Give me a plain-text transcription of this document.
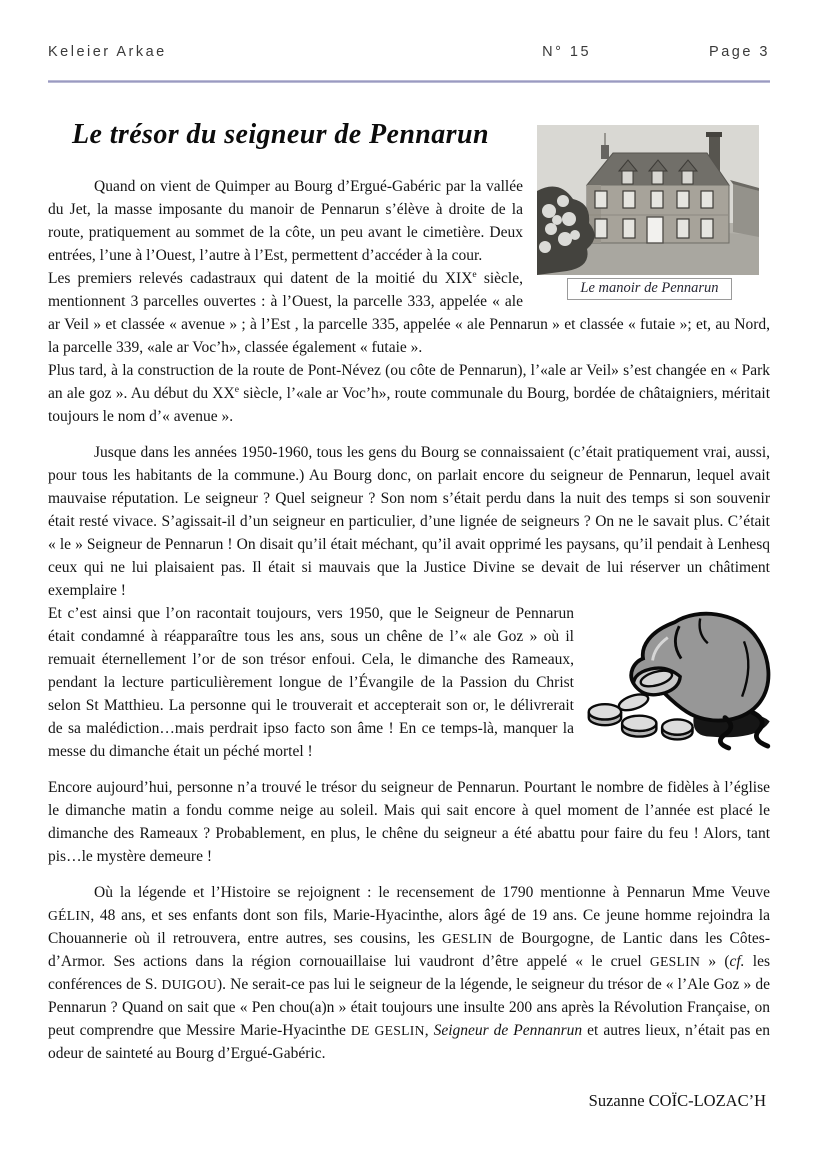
Keleier Arkae	N° 15	Page 3
Le manoir de Pennarun
Le trésor du seigneur de Pennarun

Quand on vient de Quimper au Bourg d’Ergué-Gabéric par la vallée du Jet, la masse imposante du manoir de Pennarun s’élève à droite de la route, pratiquement au sommet de la côte, un peu avant le cimetière. Deux entrées, l’une à l’Ouest, l’autre à l’Est, permettent d’accéder à la cour.

Les premiers relevés cadastraux qui datent de la moitié du XIXe siècle, mentionnent 3 parcelles ouvertes : à l’Ouest, la parcelle 333, appelée « ale ar Veil » et classée « avenue » ; à l’Est , la parcelle 335, appelée « ale Pennarun » et classée « futaie »; et, au Nord, la parcelle 339, «ale ar Voc’h», classée également « futaie ».

Plus tard, à la construction de la route de Pont-Névez (ou côte de Pennarun), l’«ale ar Veil» s’est changée en « Park an ale goz ». Au début du XXe siècle, l’«ale ar Voc’h», route communale du Bourg, bordée de châtaigniers, méritait toujours le nom d’« avenue ».

Jusque dans les années 1950-1960, tous les gens du Bourg se connaissaient (c’était pratiquement vrai, aussi, pour tous les habitants de la commune.) Au Bourg donc, on parlait encore du seigneur de Pennarun, lequel avait mauvaise réputation. Le seigneur ? Quel seigneur ? Son nom s’était perdu dans la nuit des temps si son souvenir était resté vivace. S’agissait-il d’un seigneur en particulier, d’une lignée de seigneurs ? On ne le savait plus. C’était « le » Seigneur de Pennarun ! On disait qu’il était méchant, qu’il avait opprimé les paysans, qu’il pendait à Lenhesq ceux qui ne lui plaisaient pas. Il était si mauvais que la Justice Divine se devait de lui réserver un châtiment exemplaire !

Et c’est ainsi que l’on racontait toujours, vers 1950, que le Seigneur de Pennarun était condamné à réapparaître tous les ans, sous un chêne de l’« ale Goz » où il remuait éternellement l’or de son trésor enfoui. Cela, le dimanche des Rameaux, pendant la lecture particulièrement longue de l’Évangile de la Passion du Christ selon St Matthieu. La personne qui le trouverait et accepterait son or, le délivrerait de sa malédiction…mais perdrait ipso facto son âme ! En ce temps-là, manquer la messe du dimanche était un péché mortel !

Encore aujourd’hui, personne n’a trouvé le trésor du seigneur de Pennarun. Pourtant le nombre de fidèles à l’église le dimanche matin a fondu comme neige au soleil. Mais qui sait encore à quel moment de l’année est placé le dimanche des Rameaux ? Probablement, en plus, le chêne du seigneur a été abattu pour faire du feu ! Alors, tant pis…le mystère demeure !

Où la légende et l’Histoire se rejoignent : le recensement de 1790 mentionne à Pennarun Mme Veuve GÉLIN, 48 ans, et ses enfants dont son fils, Marie-Hyacinthe, alors âgé de 19 ans. Ce jeune homme rejoindra la Chouannerie où il retrouvera, entre autres, ses cousins, les GESLIN de Bourgogne, de Lantic dans les Côtes-d’Armor. Ses actions dans la région cornouaillaise lui vaudront d’être appelé « le cruel GESLIN » (cf. les conférences de S. DUIGOU). Ne serait-ce pas lui le seigneur de la légende, le seigneur du trésor de « l’Ale Goz » de Pennarun ? Quand on sait que « Pen chou(a)n » était toujours une insulte 200 ans après la Révolution Française, on peut comprendre que Messire Marie-Hyacinthe DE GESLIN, Seigneur de Pennanrun et autres lieux, n’était pas en odeur de sainteté au Bourg d’Ergué-Gabéric.

Suzanne COÏC-LOZAC’H
